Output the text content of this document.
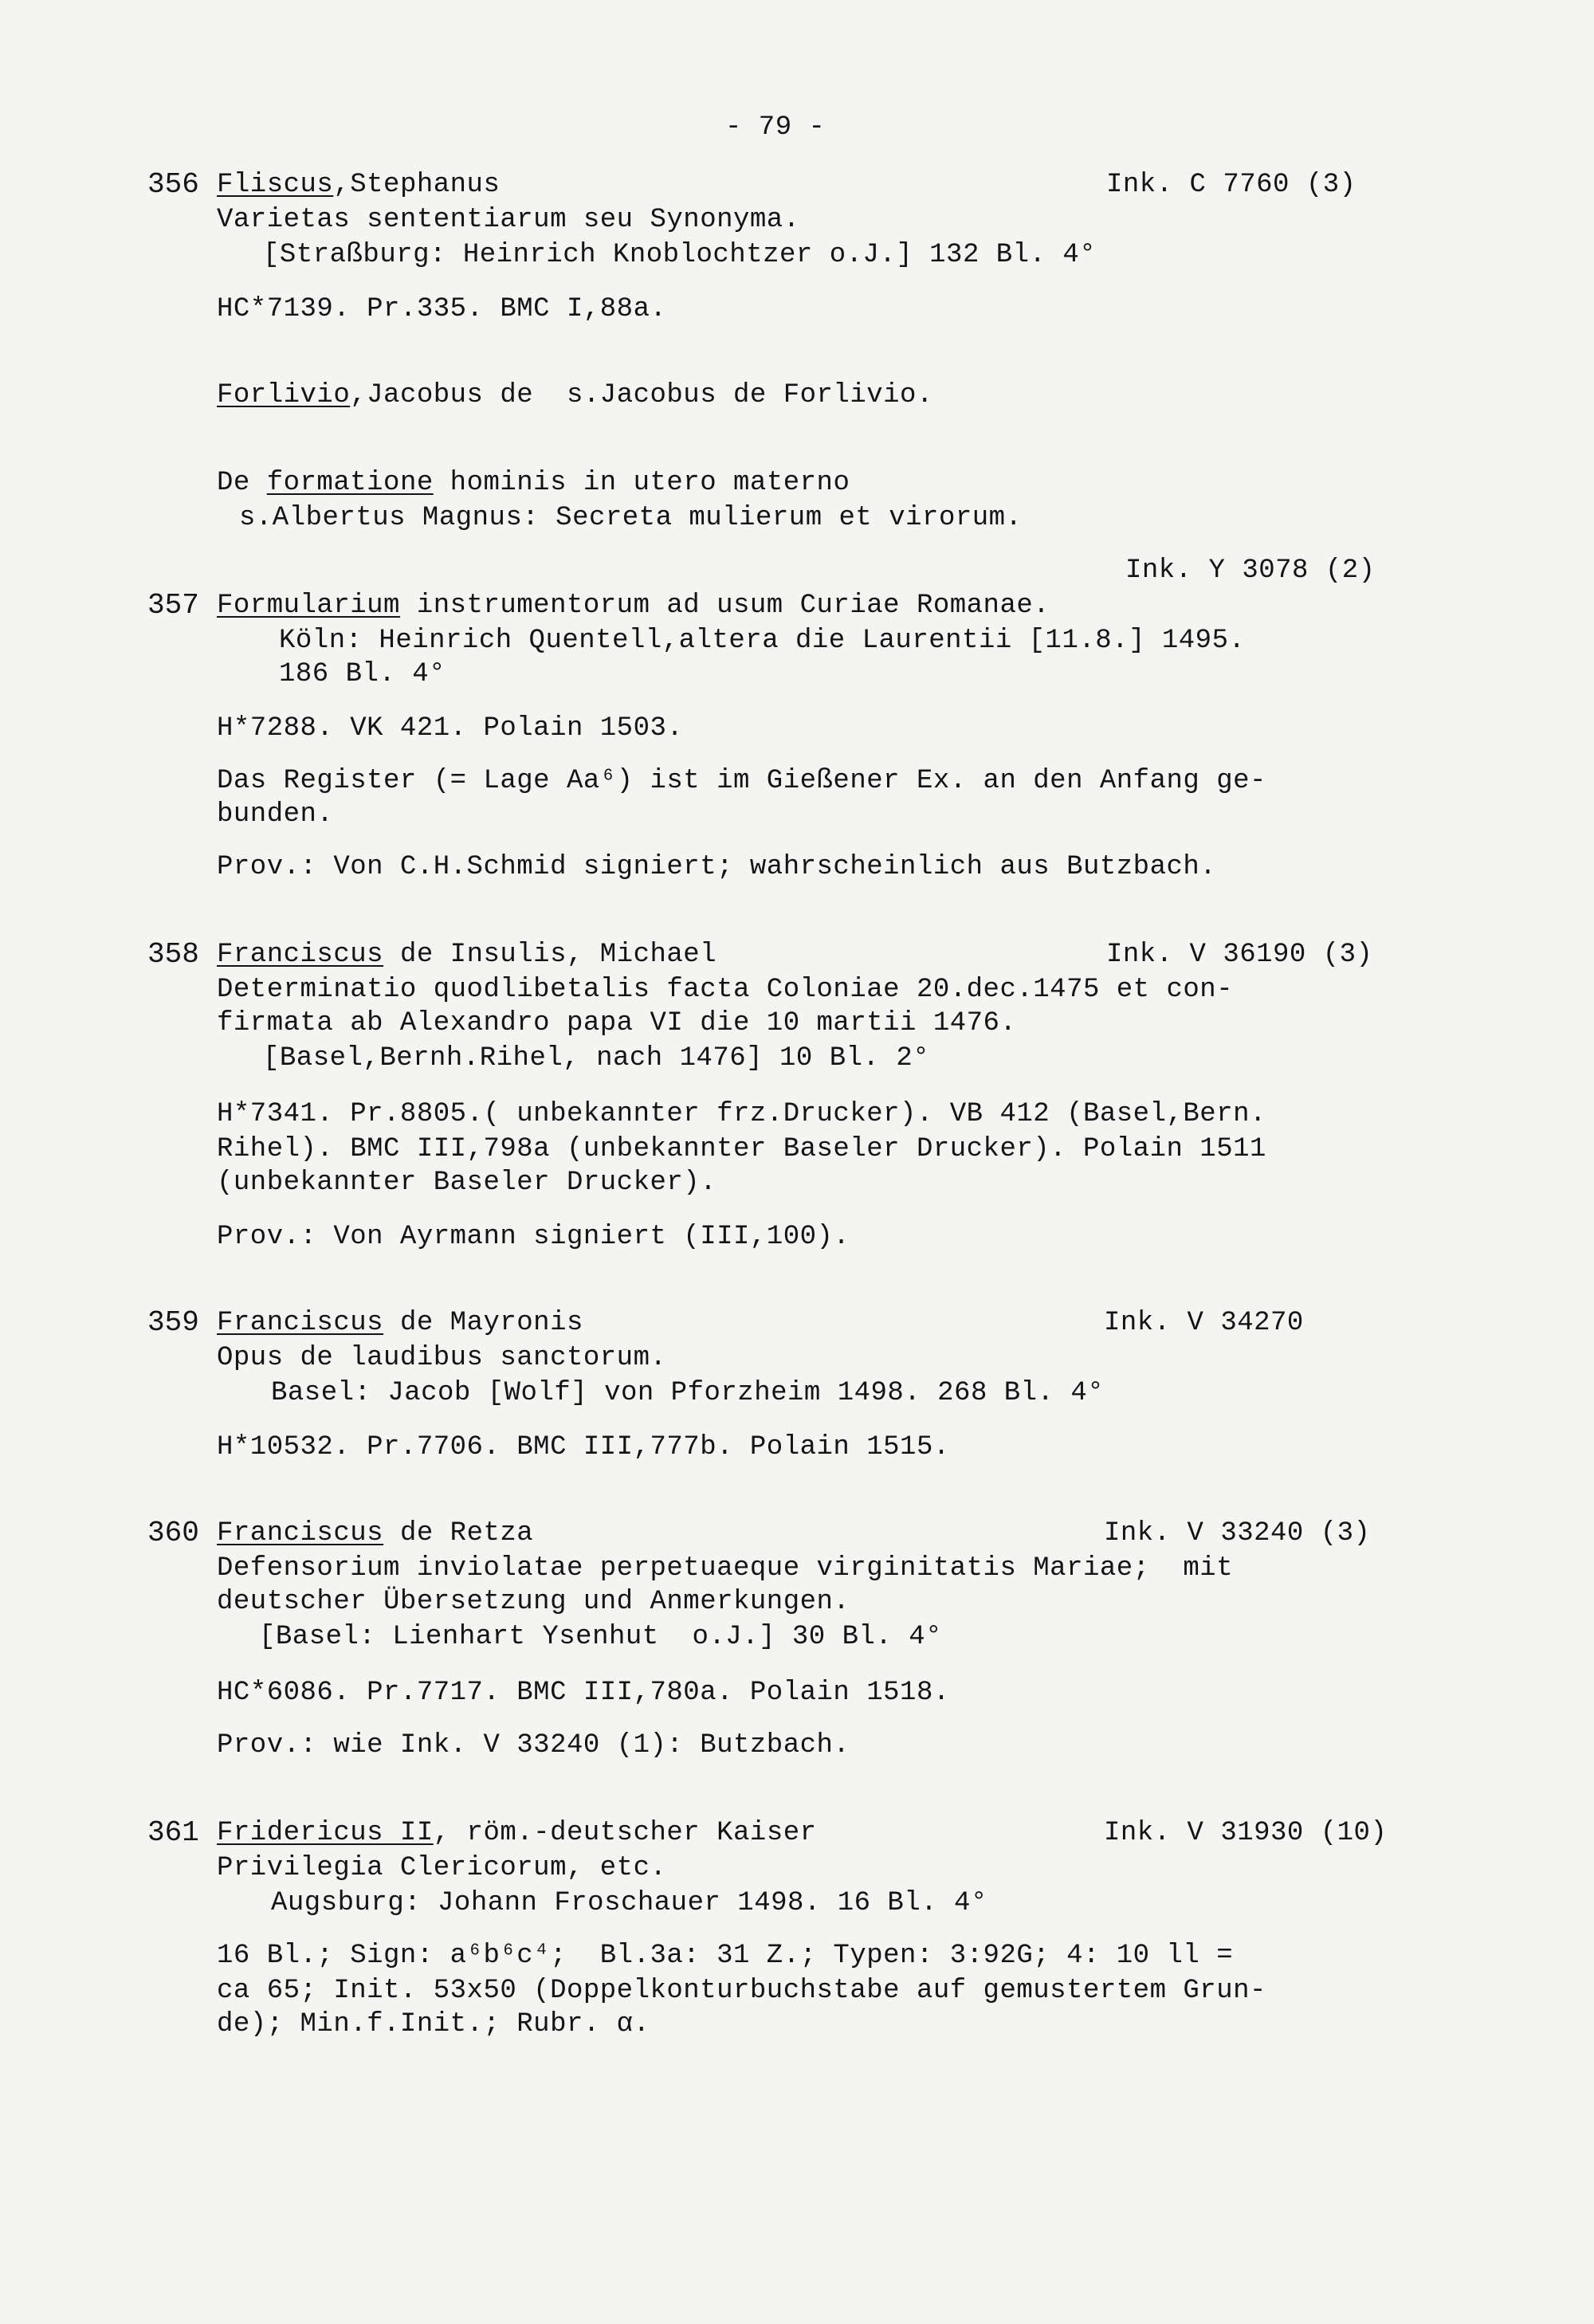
- 79 -
356 Fliscus,Stephanus	Ink. C 7760 (3)
Varietas sententiarum seu Synonyma.
[Straßburg: Heinrich Knoblochtzer o.J.] 132 Bl. 4°
HC*7139. Pr.335. BMC I,88a.
Forlivio,Jacobus de  s.Jacobus de Forlivio.
De formatione hominis in utero materno
s.Albertus Magnus: Secreta mulierum et virorum.
Ink. Y 3078 (2)
357 Formularium instrumentorum ad usum Curiae Romanae.
Köln: Heinrich Quentell,altera die Laurentii [11.8.] 1495.
186 Bl. 4°
H*7288. VK 421. Polain 1503.
Das Register (= Lage Aa⁶) ist im Gießener Ex. an den Anfang ge-
bunden.
Prov.: Von C.H.Schmid signiert; wahrscheinlich aus Butzbach.
358 Franciscus de Insulis, Michael	Ink. V 36190 (3)
Determinatio quodlibetalis facta Coloniae 20.dec.1475 et con-
firmata ab Alexandro papa VI die 10 martii 1476.
[Basel,Bernh.Rihel, nach 1476] 10 Bl. 2°
H*7341. Pr.8805.( unbekannter frz.Drucker). VB 412 (Basel,Bern.
Rihel). BMC III,798a (unbekannter Baseler Drucker). Polain 1511
(unbekannter Baseler Drucker).
Prov.: Von Ayrmann signiert (III,100).
359 Franciscus de Mayronis	Ink. V 34270
Opus de laudibus sanctorum.
Basel: Jacob [Wolf] von Pforzheim 1498. 268 Bl. 4°
H*10532. Pr.7706. BMC III,777b. Polain 1515.
360 Franciscus de Retza	Ink. V 33240 (3)
Defensorium inviolatae perpetuaeque virginitatis Mariae;  mit
deutscher Übersetzung und Anmerkungen.
[Basel: Lienhart Ysenhut  o.J.] 30 Bl. 4°
HC*6086. Pr.7717. BMC III,780a. Polain 1518.
Prov.: wie Ink. V 33240 (1): Butzbach.
361 Fridericus II, röm.-deutscher Kaiser	Ink. V 31930 (10)
Privilegia Clericorum, etc.
Augsburg: Johann Froschauer 1498. 16 Bl. 4°
16 Bl.; Sign: a⁶b⁶c⁴;  Bl.3a: 31 Z.; Typen: 3:92G; 4: 10 ll =
ca 65; Init. 53x50 (Doppelkonturbuchstabe auf gemustertem Grun-
de); Min.f.Init.; Rubr. α.
